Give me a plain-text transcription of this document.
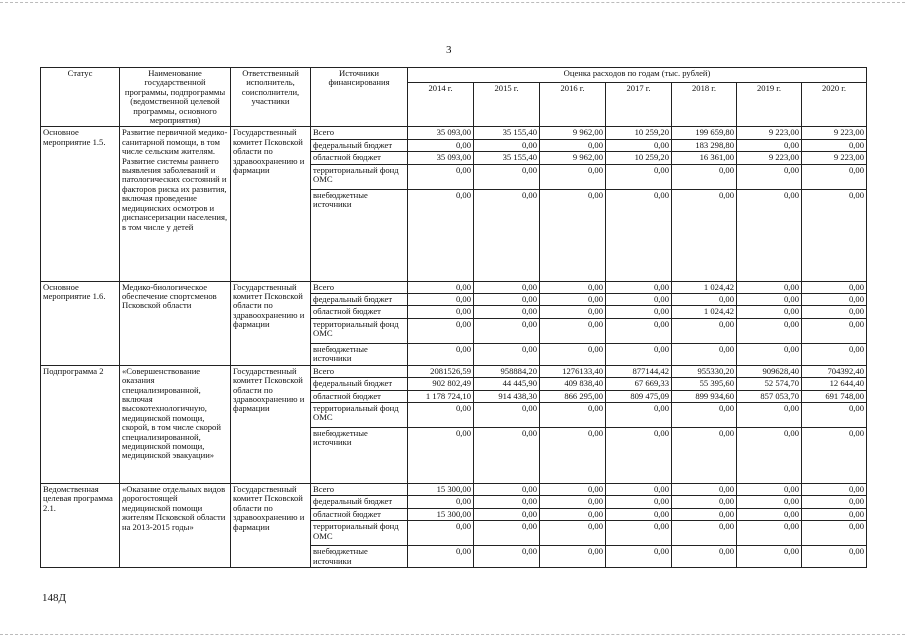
3
Статус	Наименование государственной программы, подпрограммы (ведомственной целевой программы, основного мероприятия)	Ответственный исполнитель, соисполнители, участники	Источники финансирования	Оценка расходов по годам (тыс. рублей)						
				2014 г.	2015 г.	2016 г.	2017 г.	2018 г.	2019 г.	2020 г.
Основное мероприятие 1.5.	Развитие первичной медико-санитарной помощи, в том числе сельским жителям. Развитие системы раннего выявления заболеваний и патологических состояний и факторов риска их развития, включая проведение медицинских осмотров и диспансеризации населения, в том числе у детей	Государственный комитет Псковской области по здравоохранению и фармации	Всего	35 093,00	35 155,40	9 962,00	10 259,20	199 659,80	9 223,00	9 223,00
			федеральный бюджет	0,00	0,00	0,00	0,00	183 298,80	0,00	0,00
			областной бюджет	35 093,00	35 155,40	9 962,00	10 259,20	16 361,00	9 223,00	9 223,00
			территориальный фонд ОМС	0,00	0,00	0,00	0,00	0,00	0,00	0,00
			внебюджетные источники	0,00	0,00	0,00	0,00	0,00	0,00	0,00
Основное мероприятие 1.6.	Медико-биологическое обеспечение спортсменов Псковской области	Государственный комитет Псковской области по здравоохранению и фармации	Всего	0,00	0,00	0,00	0,00	1 024,42	0,00	0,00
			федеральный бюджет	0,00	0,00	0,00	0,00	0,00	0,00	0,00
			областной бюджет	0,00	0,00	0,00	0,00	1 024,42	0,00	0,00
			территориальный фонд ОМС	0,00	0,00	0,00	0,00	0,00	0,00	0,00
			внебюджетные источники	0,00	0,00	0,00	0,00	0,00	0,00	0,00
Подпрограмма 2	«Совершенствование оказания специализированной, включая высокотехнологичную, медицинской помощи, скорой, в том числе скорой специализированной, медицинской помощи, медицинской эвакуации»	Государственный комитет Псковской области по здравоохранению и фармации	Всего	2081526,59	958884,20	1276133,40	877144,42	955330,20	909628,40	704392,40
			федеральный бюджет	902 802,49	44 445,90	409 838,40	67 669,33	55 395,60	52 574,70	12 644,40
			областной бюджет	1 178 724,10	914 438,30	866 295,00	809 475,09	899 934,60	857 053,70	691 748,00
			территориальный фонд ОМС	0,00	0,00	0,00	0,00	0,00	0,00	0,00
			внебюджетные источники	0,00	0,00	0,00	0,00	0,00	0,00	0,00
Ведомственная целевая программа 2.1.	«Оказание отдельных видов дорогостоящей медицинской помощи жителям Псковской области на 2013-2015 годы»	Государственный комитет Псковской области по здравоохранению и фармации	Всего	15 300,00	0,00	0,00	0,00	0,00	0,00	0,00
			федеральный бюджет	0,00	0,00	0,00	0,00	0,00	0,00	0,00
			областной бюджет	15 300,00	0,00	0,00	0,00	0,00	0,00	0,00
			территориальный фонд ОМС	0,00	0,00	0,00	0,00	0,00	0,00	0,00
			внебюджетные источники	0,00	0,00	0,00	0,00	0,00	0,00	0,00
148Д
